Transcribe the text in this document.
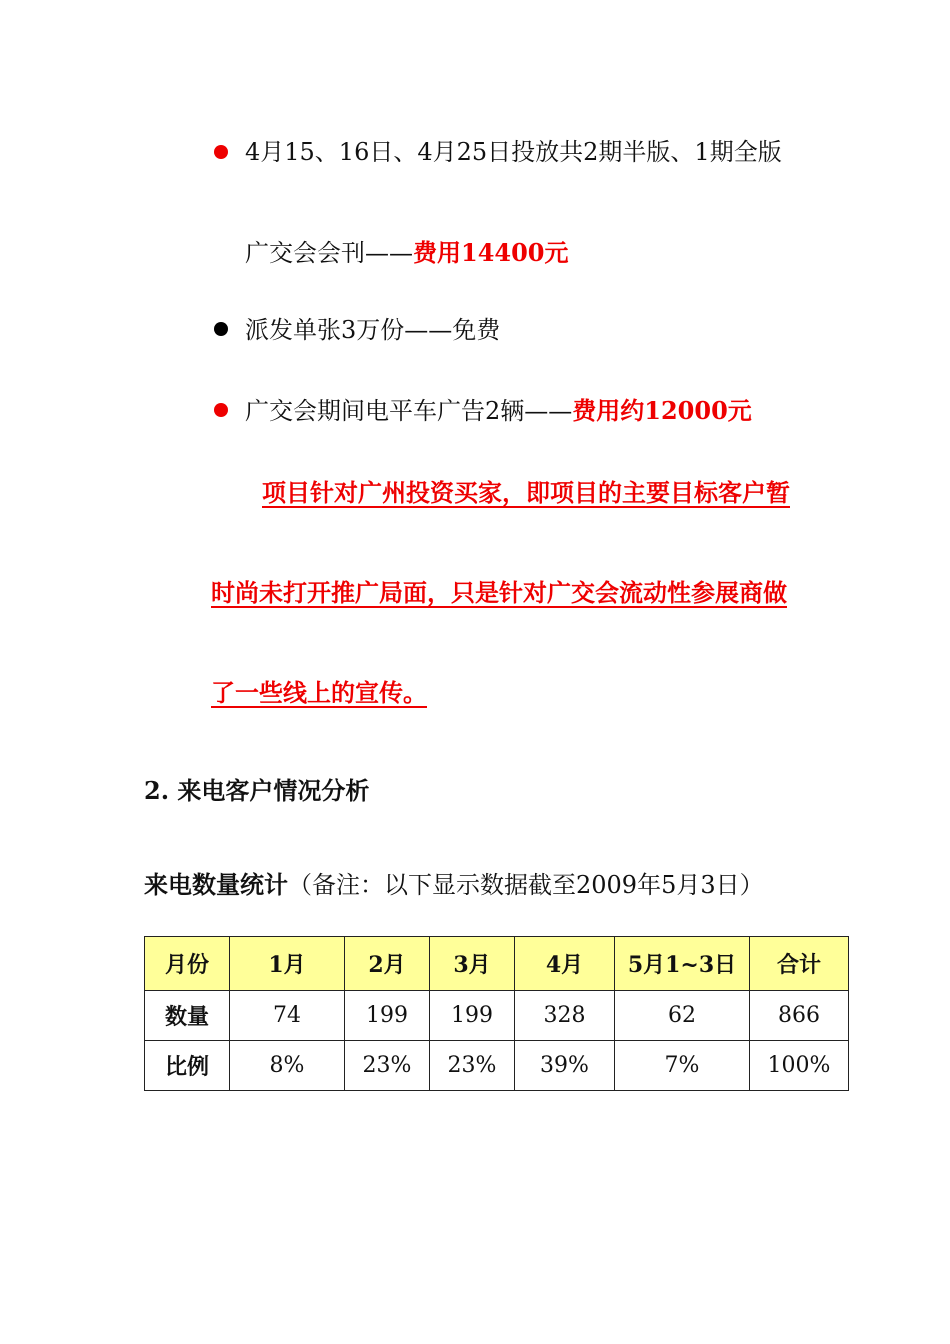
4月15、16日、4月25日投放共2期半版、1期全版
广交会会刊——费用14400元
派发单张3万份——免费
广交会期间电平车广告2辆——费用约12000元
项目针对广州投资买家，即项目的主要目标客户暂
时尚未打开推广局面，只是针对广交会流动性参展商做
了一些线上的宣传。
2. 来电客户情况分析
来电数量统计（备注：以下显示数据截至2009年5月3日）
月份	1月	2月	3月	4月	5月1~3日	合计
数量	74	199	199	328	62	866
比例	8%	23%	23%	39%	7%	100%
